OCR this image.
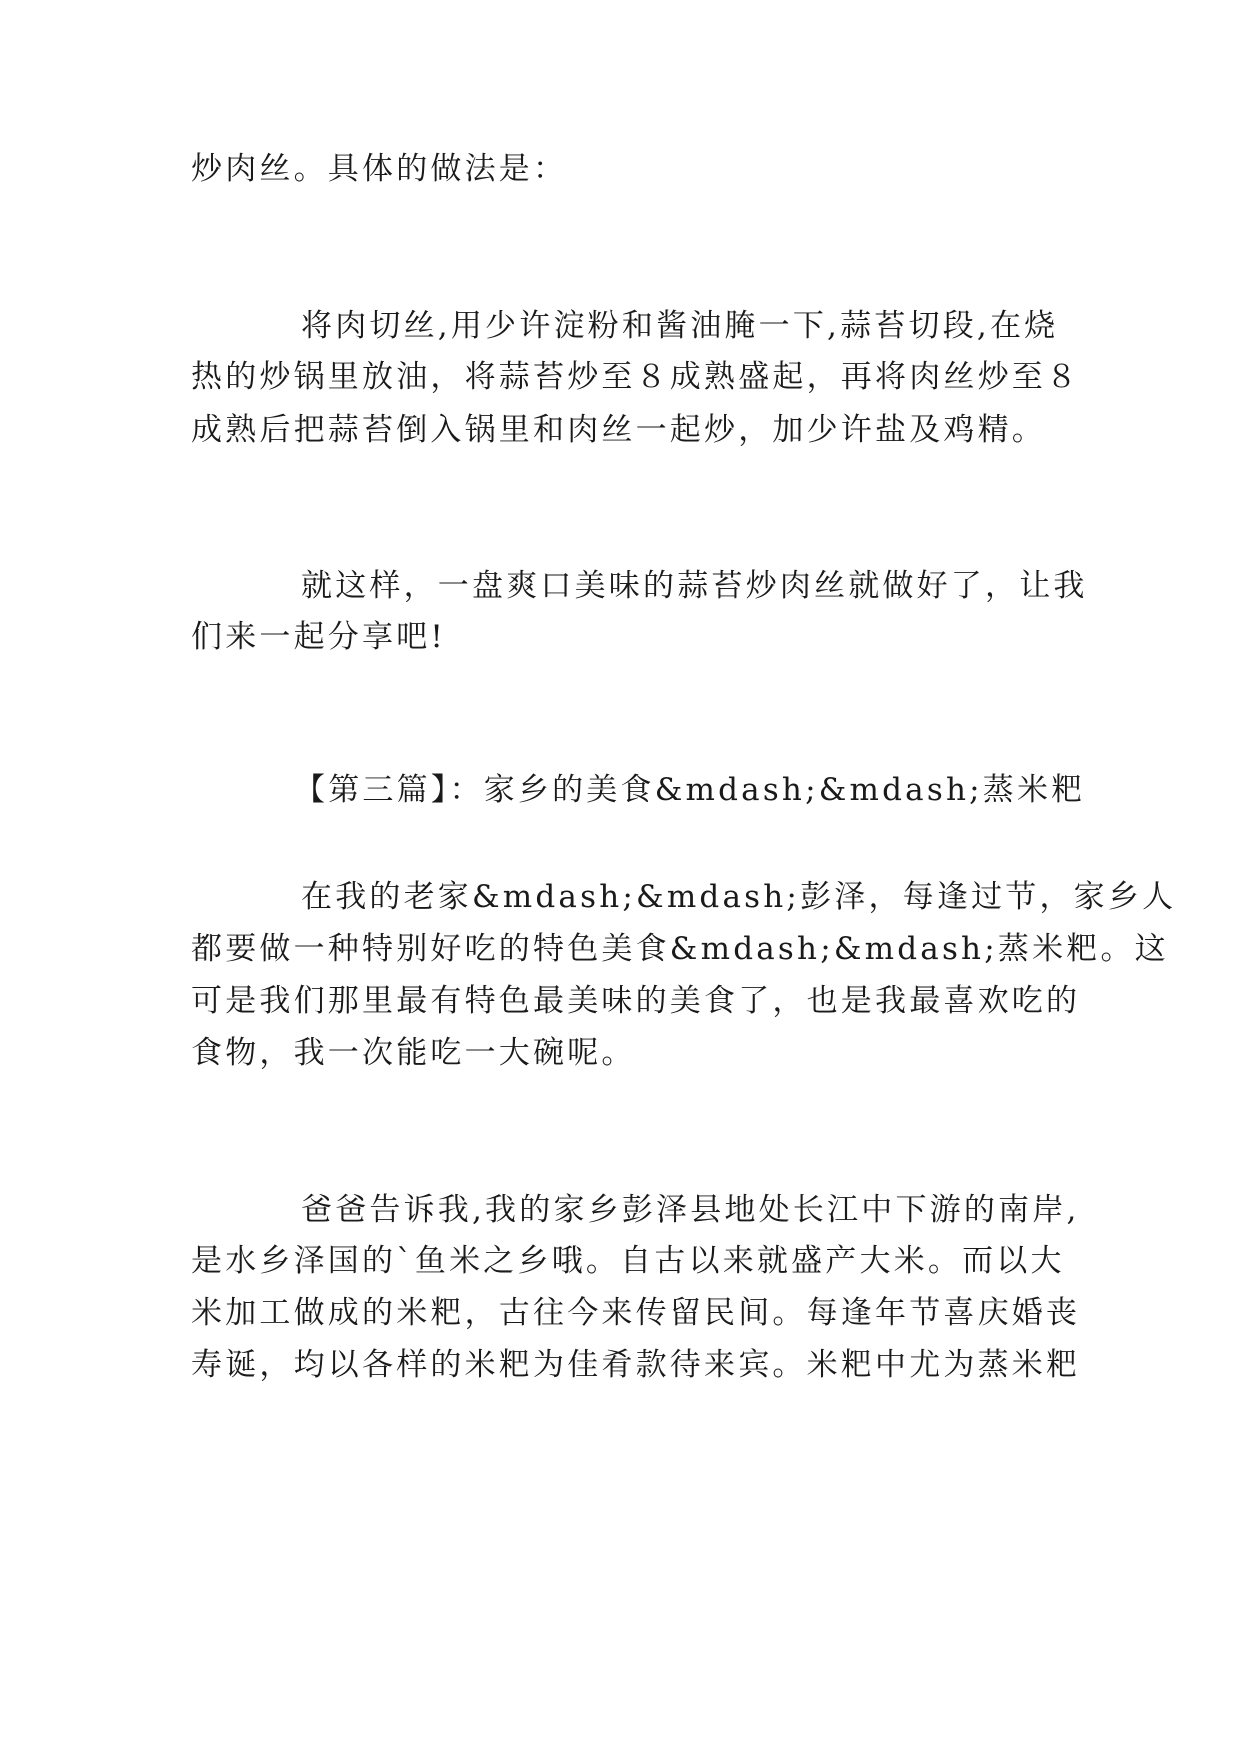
炒肉丝。具体的做法是：
将肉切丝,用少许淀粉和酱油腌一下,蒜苔切段,在烧
热的炒锅里放油，将蒜苔炒至８成熟盛起，再将肉丝炒至８
成熟后把蒜苔倒入锅里和肉丝一起炒，加少许盐及鸡精。
就这样，一盘爽口美味的蒜苔炒肉丝就做好了，让我
们来一起分享吧!
【第三篇】：家乡的美食&mdash;&mdash;蒸米粑
在我的老家&mdash;&mdash;彭泽，每逢过节，家乡人
都要做一种特别好吃的特色美食&mdash;&mdash;蒸米粑。这
可是我们那里最有特色最美味的美食了，也是我最喜欢吃的
食物，我一次能吃一大碗呢。
爸爸告诉我,我的家乡彭泽县地处长江中下游的南岸,
是水乡泽国的`鱼米之乡哦。自古以来就盛产大米。而以大
米加工做成的米粑，古往今来传留民间。每逢年节喜庆婚丧
寿诞，均以各样的米粑为佳肴款待来宾。米粑中尤为蒸米粑
